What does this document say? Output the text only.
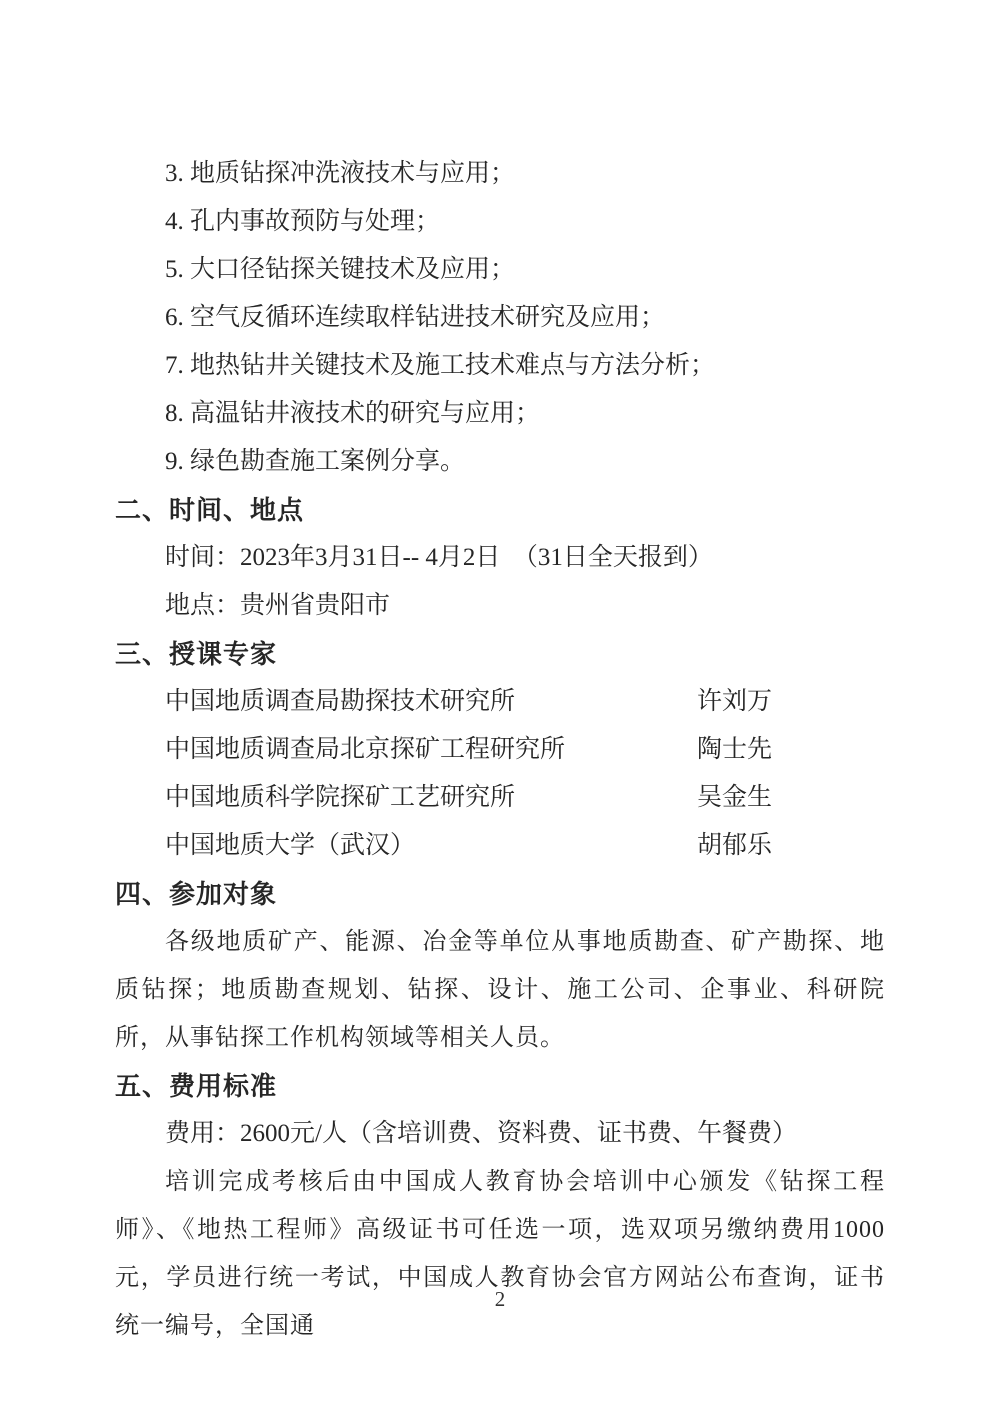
3. 地质钻探冲洗液技术与应用；
4. 孔内事故预防与处理；
5. 大口径钻探关键技术及应用；
6. 空气反循环连续取样钻进技术研究及应用；
7. 地热钻井关键技术及施工技术难点与方法分析；
8. 高温钻井液技术的研究与应用；
9. 绿色勘查施工案例分享。
二、时间、地点
时间：2023年3月31日-- 4月2日　（31日全天报到）
地点：贵州省贵阳市
三、授课专家
中国地质调查局勘探技术研究所	许刘万
中国地质调查局北京探矿工程研究所	陶士先
中国地质科学院探矿工艺研究所	吴金生
中国地质大学（武汉）	胡郁乐
四、参加对象
各级地质矿产、能源、冶金等单位从事地质勘查、矿产勘探、地质钻探；地质勘查规划、钻探、设计、施工公司、企事业、科研院所，从事钻探工作机构领域等相关人员。
五、费用标准
费用：2600元/人（含培训费、资料费、证书费、午餐费）
培训完成考核后由中国成人教育协会培训中心颁发《钻探工程师》、《地热工程师》高级证书可任选一项，选双项另缴纳费用1000元，学员进行统一考试，中国成人教育协会官方网站公布查询，证书统一编号，全国通
2
